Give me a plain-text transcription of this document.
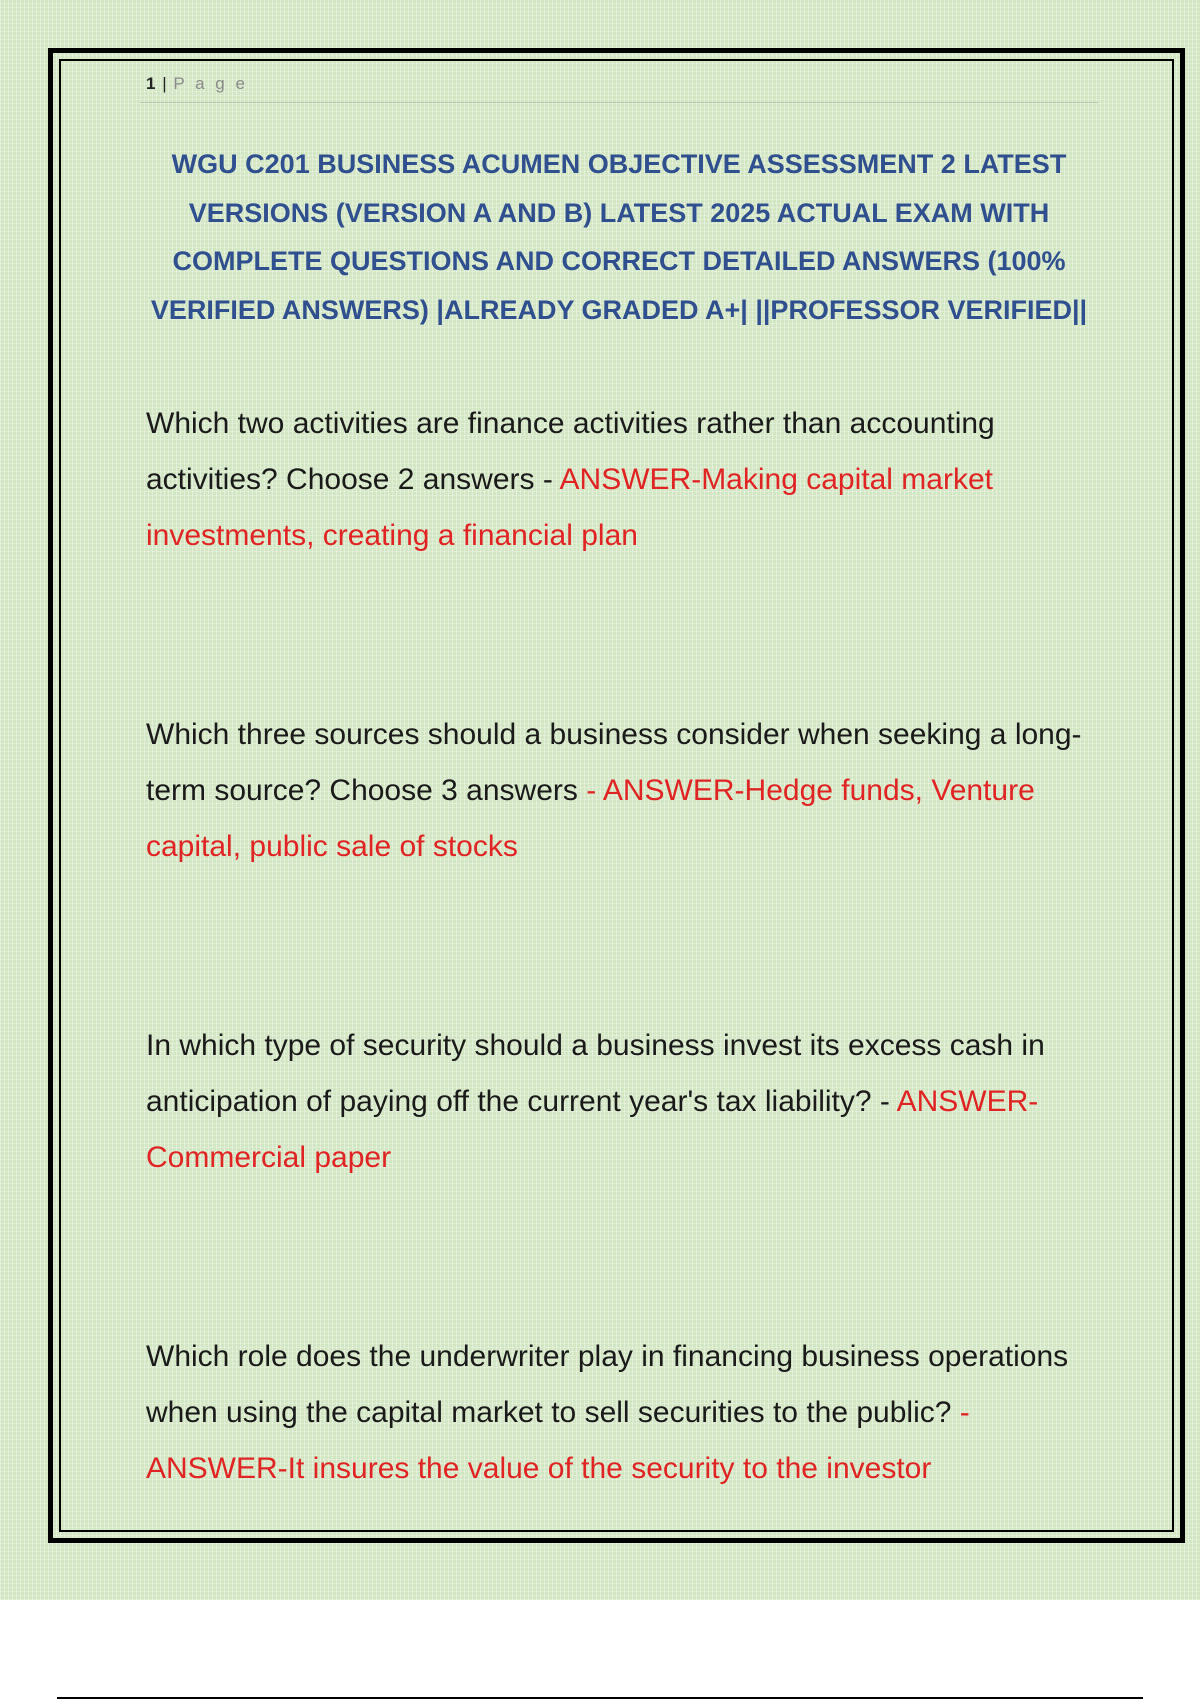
1 | P a g e
WGU C201 BUSINESS ACUMEN OBJECTIVE ASSESSMENT 2 LATEST VERSIONS (VERSION A AND B) LATEST 2025 ACTUAL EXAM WITH COMPLETE QUESTIONS AND CORRECT DETAILED ANSWERS (100% VERIFIED ANSWERS) |ALREADY GRADED A+| ||PROFESSOR VERIFIED||

Which two activities are finance activities rather than accounting activities? Choose 2 answers - ANSWER-Making capital market investments, creating a financial plan

Which three sources should a business consider when seeking a long-term source? Choose 3 answers - ANSWER-Hedge funds, Venture capital, public sale of stocks

In which type of security should a business invest its excess cash in anticipation of paying off the current year's tax liability? - ANSWER-Commercial paper

Which role does the underwriter play in financing business operations when using the capital market to sell securities to the public? - ANSWER-It insures the value of the security to the investor
